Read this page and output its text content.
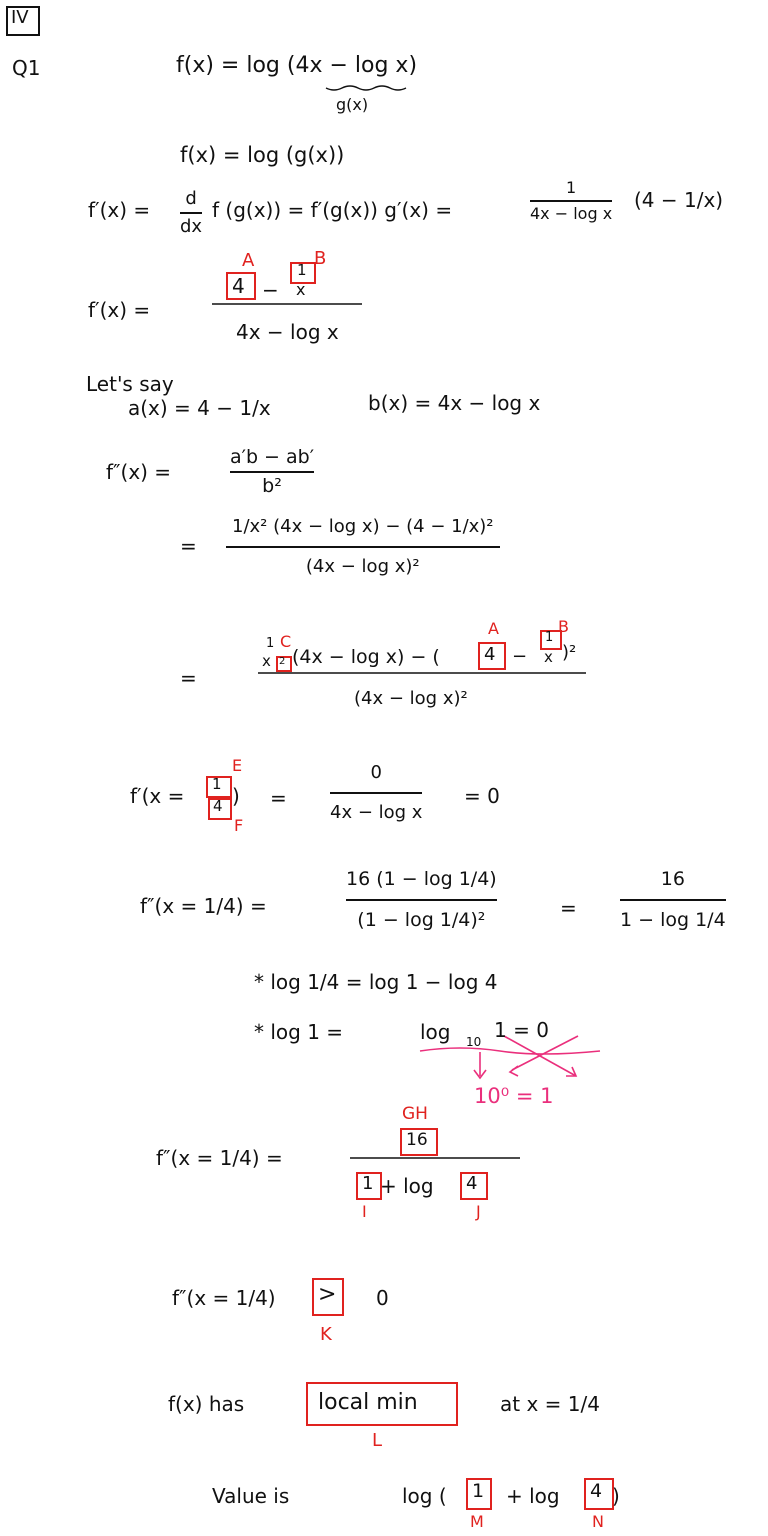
IV
Q1	f(x) = log (4x − log x)
g(x)
f(x) = log (g(x))
f′(x) = d
dx
f (g(x)) = f′(g(x)) g′(x) =
1
4x − log x
(4 − 1/x)
f′(x) =
4
A
−
1
B
x
4x − log x
Let's say
a(x) = 4 − 1/x	b(x) = 4x − log x
f″(x) =
a′b − ab′
b²
=
1/x² (4x − log x) − (4 − 1/x)²
(4x − log x)²
=
1
x 2
C
(4x − log x) − ( 4
A
−
1
B
x )²
(4x − log x)²
f′(x = 1
E
4
F
) =
0
4x − log x
= 0
f″(x = 1/4) =
16 (1 − log 1/4)
(1 − log 1/4)²	=
16
1 − log 1/4
* log 1/4 = log 1 − log 4
* log 1 =	log 10 1 = 0
10⁰ = 1
f″(x = 1/4) =
GH
16
1
I
+ log 4
J
f″(x = 1/4) >
K
0
f(x) has	local min
L
at x = 1/4
Value is	log ( 1
M
+ log 4
N
)
